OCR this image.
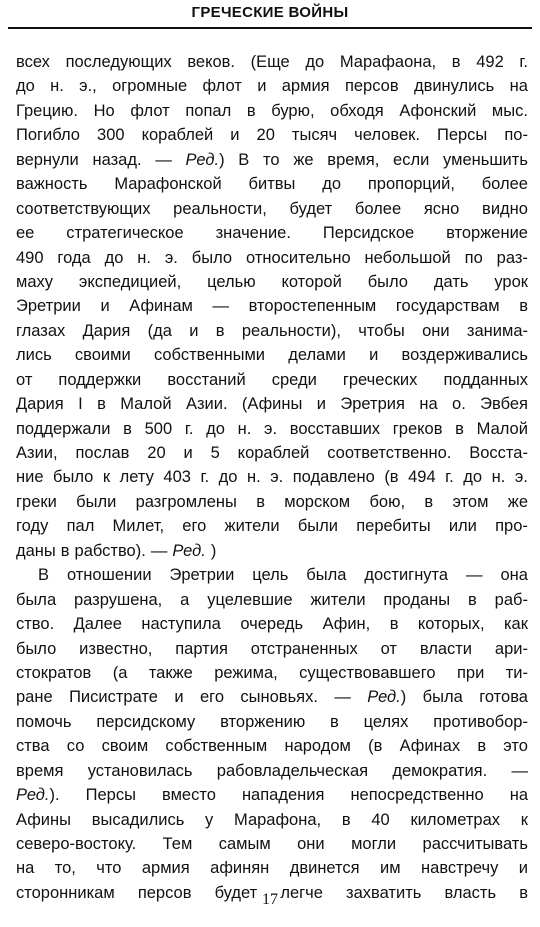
ГРЕЧЕСКИЕ ВОЙНЫ
всех последующих веков. (Еще до Марафаона, в 492 г.
до н. э., огромные флот и армия персов двинулись на
Грецию. Но флот попал в бурю, обходя Афонский мыс.
Погибло 300 кораблей и 20 тысяч человек. Персы по-
вернули назад. — Ред.) В то же время, если уменьшить
важность Марафонской битвы до пропорций, более
соответствующих реальности, будет более ясно видно
ее стратегическое значение. Персидское вторжение
490 года до н. э. было относительно небольшой по раз-
маху экспедицией, целью которой было дать урок
Эретрии и Афинам — второстепенным государствам в
глазах Дария (да и в реальности), чтобы они занима-
лись своими собственными делами и воздерживались
от поддержки восстаний среди греческих подданных
Дария I в Малой Азии. (Афины и Эретрия на о. Эвбея
поддержали в 500 г. до н. э. восставших греков в Малой
Азии, послав 20 и 5 кораблей соответственно. Восста-
ние было к лету 403 г. до н. э. подавлено (в 494 г. до н. э.
греки были разгромлены в морском бою, в этом же
году пал Милет, его жители были перебиты или про-
даны в рабство). — Ред. )
В отношении Эретрии цель была достигнута — она
была разрушена, а уцелевшие жители проданы в раб-
ство. Далее наступила очередь Афин, в которых, как
было известно, партия отстраненных от власти ари-
стократов (а также режима, существовавшего при ти-
ране Писистрате и его сыновьях. — Ред.) была готова
помочь персидскому вторжению в целях противобор-
ства со своим собственным народом (в Афинах в это
время установилась рабовладельческая демократия. —
Ред.). Персы вместо нападения непосредственно на
Афины высадились у Марафона, в 40 километрах к
северо-востоку. Тем самым они могли рассчитывать
на то, что армия афинян двинется им навстречу и
сторонникам персов будет легче захватить власть в
17
